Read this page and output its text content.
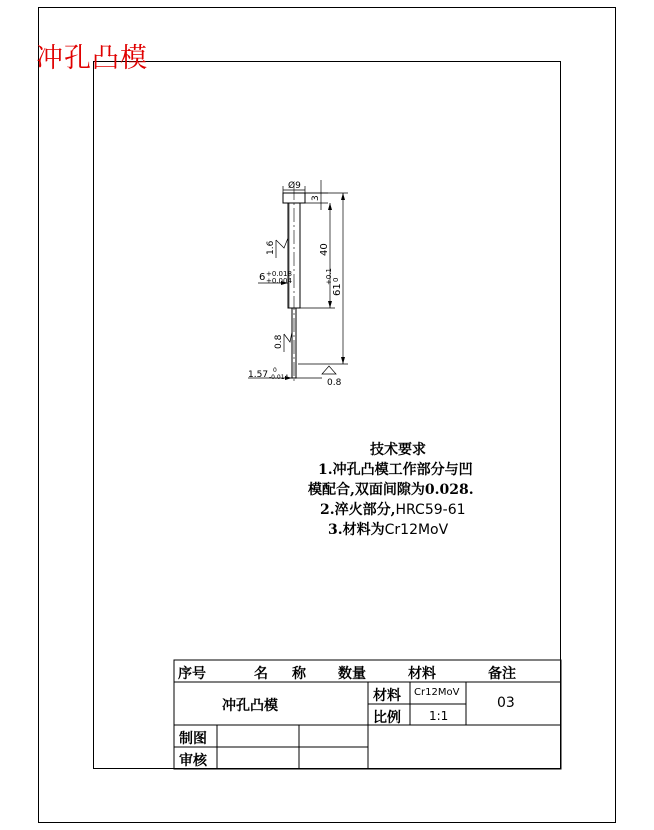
冲孔凸模
Ø9
3
40
61
+0.1 0
6 +0.018
+0.004
1.6
0.8
1.57 0
-0.014
0.8
技术要求
1.冲孔凸模工作部分与凹
模配合,双面间隙为0.028.
2.淬火部分,HRC59-61
3.材料为Cr12MoV
序号	名 称 数量	材料	备注
冲孔凸模
材料 Cr12MoV
比例 1:1
03
制图
审核
